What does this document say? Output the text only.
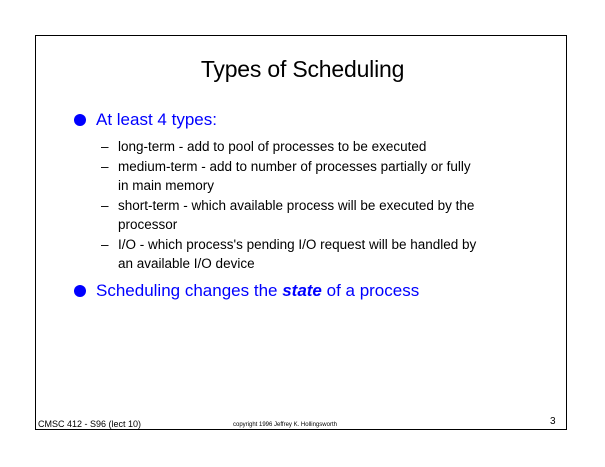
Types of Scheduling
At least 4 types:
– long-term - add to pool of processes to be executed
– medium-term - add to number of processes partially or fully
in main memory
– short-term - which available process will be executed by the
processor
– I/O - which process's pending I/O request will be handled by
an available I/O device
Scheduling changes the state of a process
CMSC 412 - S96 (lect 10)	copyright 1996 Jeffrey K. Hollingsworth	3
